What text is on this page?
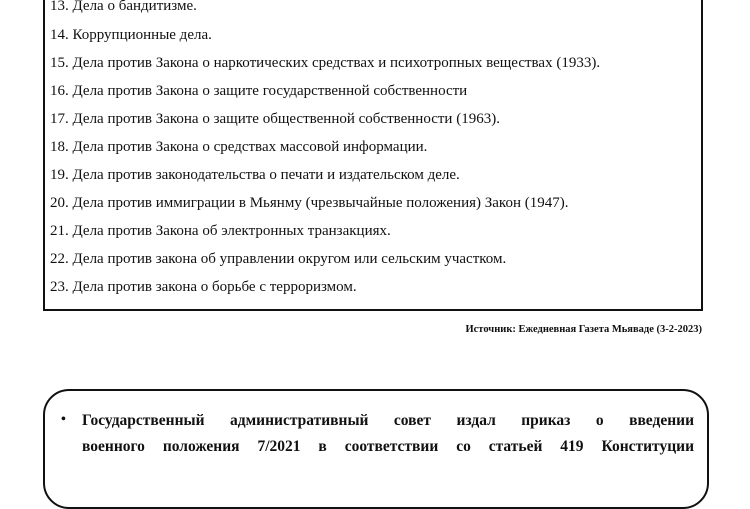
13. Дела о бандитизме.
14. Коррупционные дела.
15. Дела против Закона о наркотических средствах и психотропных веществах (1933).
16. Дела против Закона о защите государственной собственности
17. Дела против Закона о защите общественной собственности (1963).
18. Дела против Закона о средствах массовой информации.
19. Дела против законодательства о печати и издательском деле.
20. Дела против иммиграции в Мьянму (чрезвычайные положения) Закон (1947).
21. Дела против Закона об электронных транзакциях.
22. Дела против закона об управлении округом или сельским участком.
23. Дела против закона о борьбе с терроризмом.
Источник: Ежедневная Газета Мьяваде (3-2-2023)
• Государственный административный совет издал приказ о введении
военного положения 7/2021 в соответствии со статьей 419 Конституции
